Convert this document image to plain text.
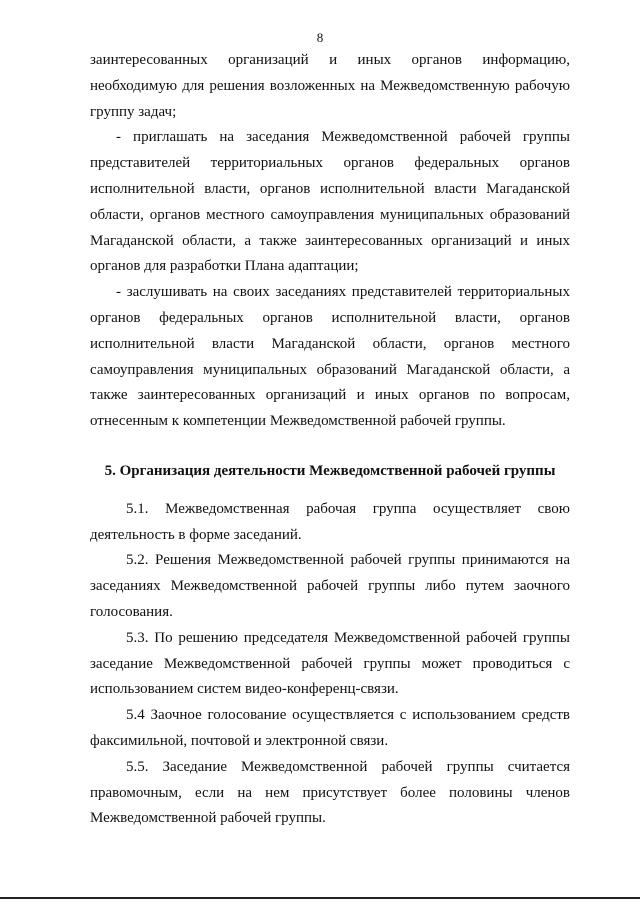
8

заинтересованных организаций и иных органов информацию, необходимую для решения возложенных на Межведомственную рабочую группу задач;

- приглашать на заседания Межведомственной рабочей группы представителей территориальных органов федеральных органов исполнительной власти, органов исполнительной власти Магаданской области, органов местного самоуправления муниципальных образований Магаданской области, а также заинтересованных организаций и иных органов для разработки Плана адаптации;

- заслушивать на своих заседаниях представителей территориальных органов федеральных органов исполнительной власти, органов исполнительной власти Магаданской области, органов местного самоуправления муниципальных образований Магаданской области, а также заинтересованных организаций и иных органов по вопросам, отнесенным к компетенции Межведомственной рабочей группы.

5. Организация деятельности Межведомственной рабочей группы

5.1. Межведомственная рабочая группа осуществляет свою деятельность в форме заседаний.

5.2. Решения Межведомственной рабочей группы принимаются на заседаниях Межведомственной рабочей группы либо путем заочного голосования.

5.3. По решению председателя Межведомственной рабочей группы заседание Межведомственной рабочей группы может проводиться с использованием систем видео-конференц-связи.

5.4 Заочное голосование осуществляется с использованием средств факсимильной, почтовой и электронной связи.

5.5. Заседание Межведомственной рабочей группы считается правомочным, если на нем присутствует более половины членов Межведомственной рабочей группы.
